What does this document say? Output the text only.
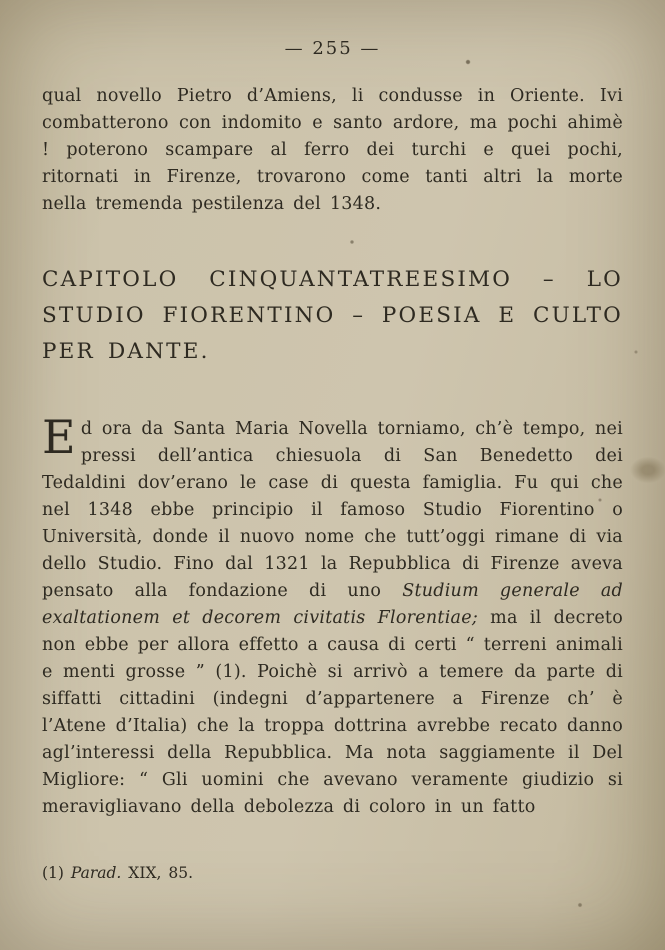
— 255 —

qual novello Pietro d’Amiens, li condusse in Oriente. Ivi combatterono con indomito e santo ardore, ma pochi ahimè ! poterono scampare al ferro dei turchi e quei pochi, ritornati in Firenze, trovarono come tanti altri la morte nella tremenda pestilenza del 1348.

CAPITOLO CINQUANTATREESIMO – LO STUDIO FIORENTINO – POESIA E CULTO PER DANTE.

Ed ora da Santa Maria Novella torniamo, ch’è tempo, nei pressi dell’antica chiesuola di San Benedetto dei Tedaldini dov’erano le case di questa famiglia. Fu qui che nel 1348 ebbe principio il famoso Studio Fiorentino o Università, donde il nuovo nome che tutt’oggi rimane di via dello Studio. Fino dal 1321 la Repubblica di Firenze aveva pensato alla fondazione di uno Studium generale ad exaltationem et decorem civitatis Florentiae; ma il decreto non ebbe per allora effetto a causa di certi “ terreni animali e menti grosse ” (1). Poichè si arrivò a temere da parte di siffatti cittadini (indegni d’appartenere a Firenze ch’ è l’Atene d’Italia) che la troppa dottrina avrebbe recato danno agl’interessi della Repubblica. Ma nota saggiamente il Del Migliore: “ Gli uomini che avevano veramente giudizio si meravigliavano della debolezza di coloro in un fatto

(1) Parad. XIX, 85.
